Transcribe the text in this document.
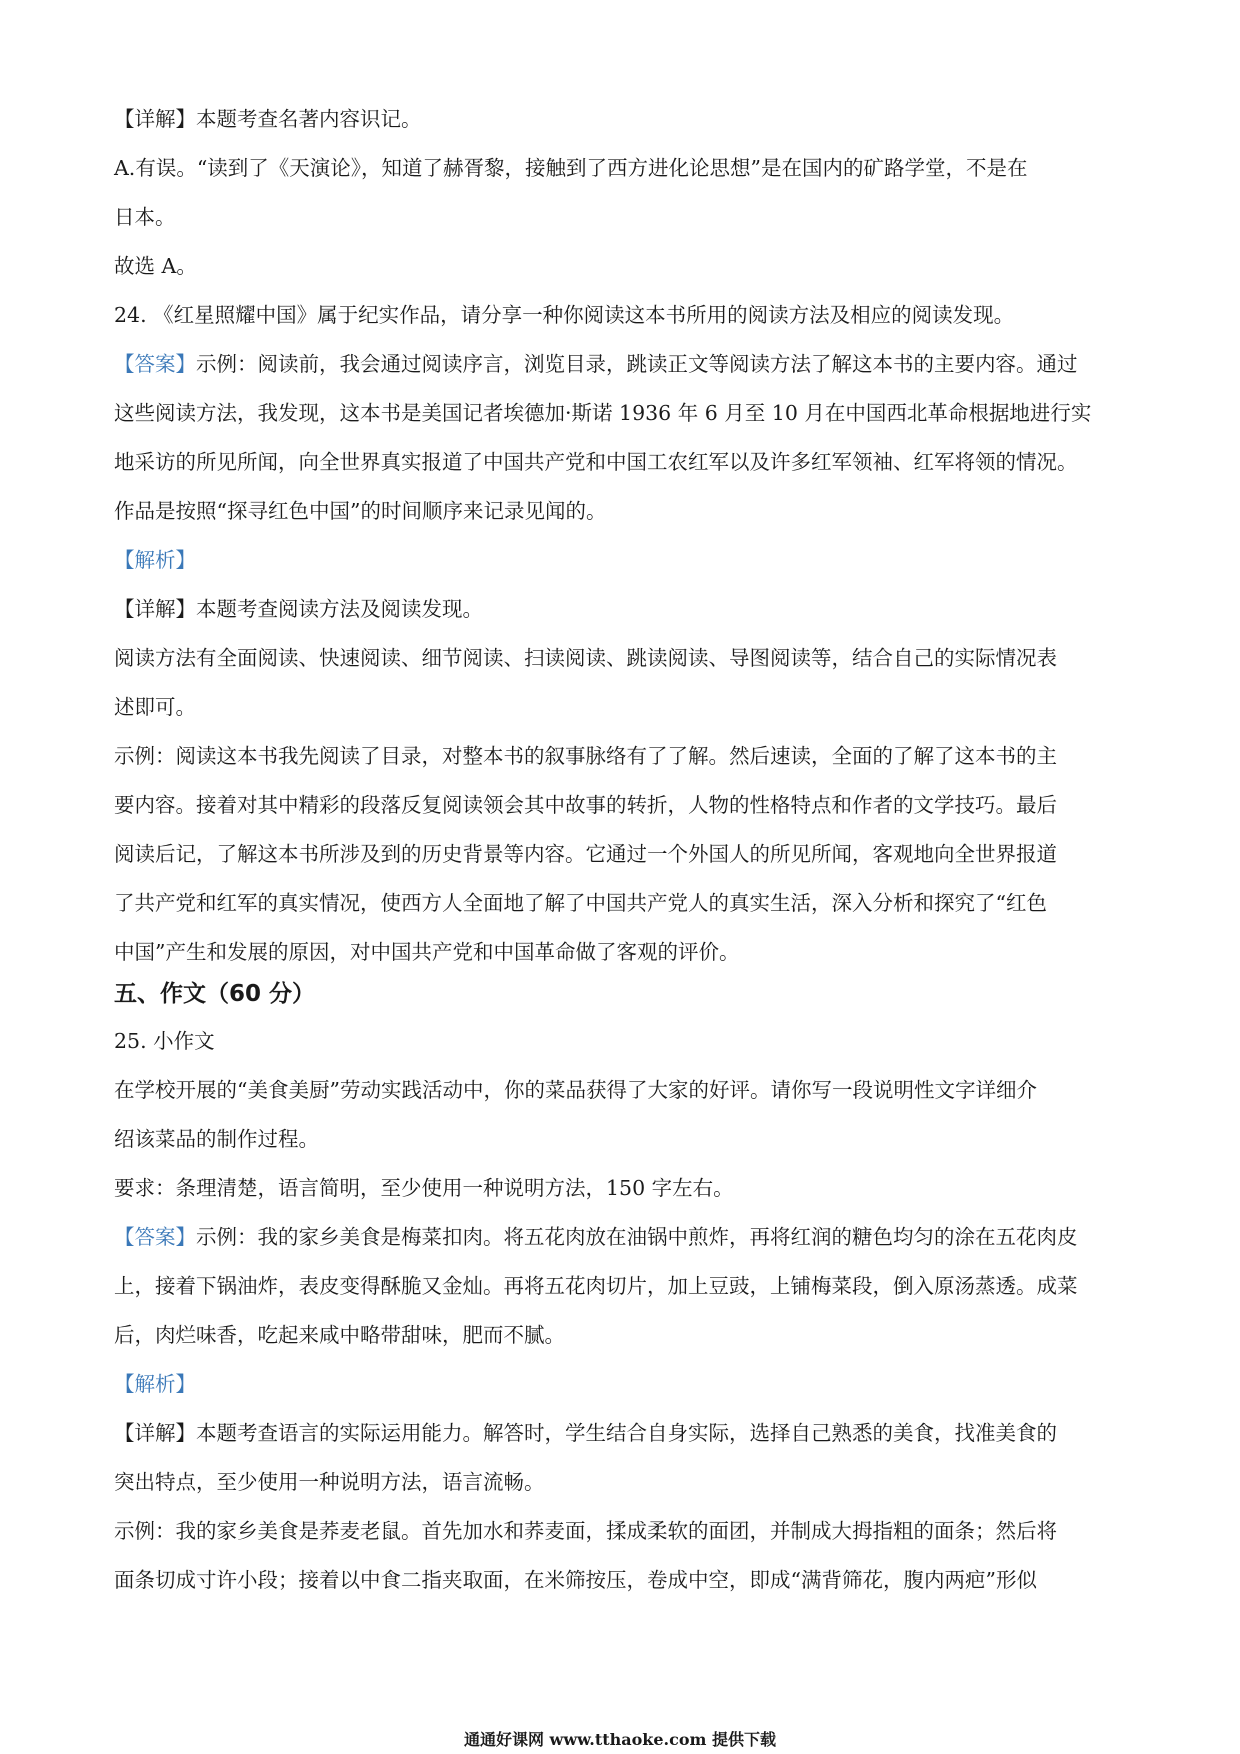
【详解】本题考查名著内容识记。

A.有误。“读到了《天演论》，知道了赫胥黎，接触到了西方进化论思想”是在国内的矿路学堂，不是在

日本。

故选 A。

24. 《红星照耀中国》属于纪实作品，请分享一种你阅读这本书所用的阅读方法及相应的阅读发现。

【答案】示例：阅读前，我会通过阅读序言，浏览目录，跳读正文等阅读方法了解这本书的主要内容。通过

这些阅读方法，我发现，这本书是美国记者埃德加·斯诺 1936 年 6 月至 10 月在中国西北革命根据地进行实

地采访的所见所闻，向全世界真实报道了中国共产党和中国工农红军以及许多红军领袖、红军将领的情况。

作品是按照“探寻红色中国”的时间顺序来记录见闻的。

【解析】

【详解】本题考查阅读方法及阅读发现。

阅读方法有全面阅读、快速阅读、细节阅读、扫读阅读、跳读阅读、导图阅读等，结合自己的实际情况表

述即可。

示例：阅读这本书我先阅读了目录，对整本书的叙事脉络有了了解。然后速读，全面的了解了这本书的主

要内容。接着对其中精彩的段落反复阅读领会其中故事的转折，人物的性格特点和作者的文学技巧。最后

阅读后记，了解这本书所涉及到的历史背景等内容。它通过一个外国人的所见所闻，客观地向全世界报道

了共产党和红军的真实情况，使西方人全面地了解了中国共产党人的真实生活，深入分析和探究了“红色

中国”产生和发展的原因，对中国共产党和中国革命做了客观的评价。

五、作文（60 分）

25. 小作文

在学校开展的“美食美厨”劳动实践活动中，你的菜品获得了大家的好评。请你写一段说明性文字详细介

绍该菜品的制作过程。

要求：条理清楚，语言简明，至少使用一种说明方法，150 字左右。

【答案】示例：我的家乡美食是梅菜扣肉。将五花肉放在油锅中煎炸，再将红润的糖色均匀的涂在五花肉皮

上，接着下锅油炸，表皮变得酥脆又金灿。再将五花肉切片，加上豆豉，上铺梅菜段，倒入原汤蒸透。成菜

后，肉烂味香，吃起来咸中略带甜味，肥而不腻。

【解析】

【详解】本题考查语言的实际运用能力。解答时，学生结合自身实际，选择自己熟悉的美食，找准美食的

突出特点，至少使用一种说明方法，语言流畅。

示例：我的家乡美食是荞麦老鼠。首先加水和荞麦面，揉成柔软的面团，并制成大拇指粗的面条；然后将

面条切成寸许小段；接着以中食二指夹取面，在米筛按压，卷成中空，即成“满背筛花，腹内两疤”形似

通通好课网 www.tthaoke.com 提供下载
